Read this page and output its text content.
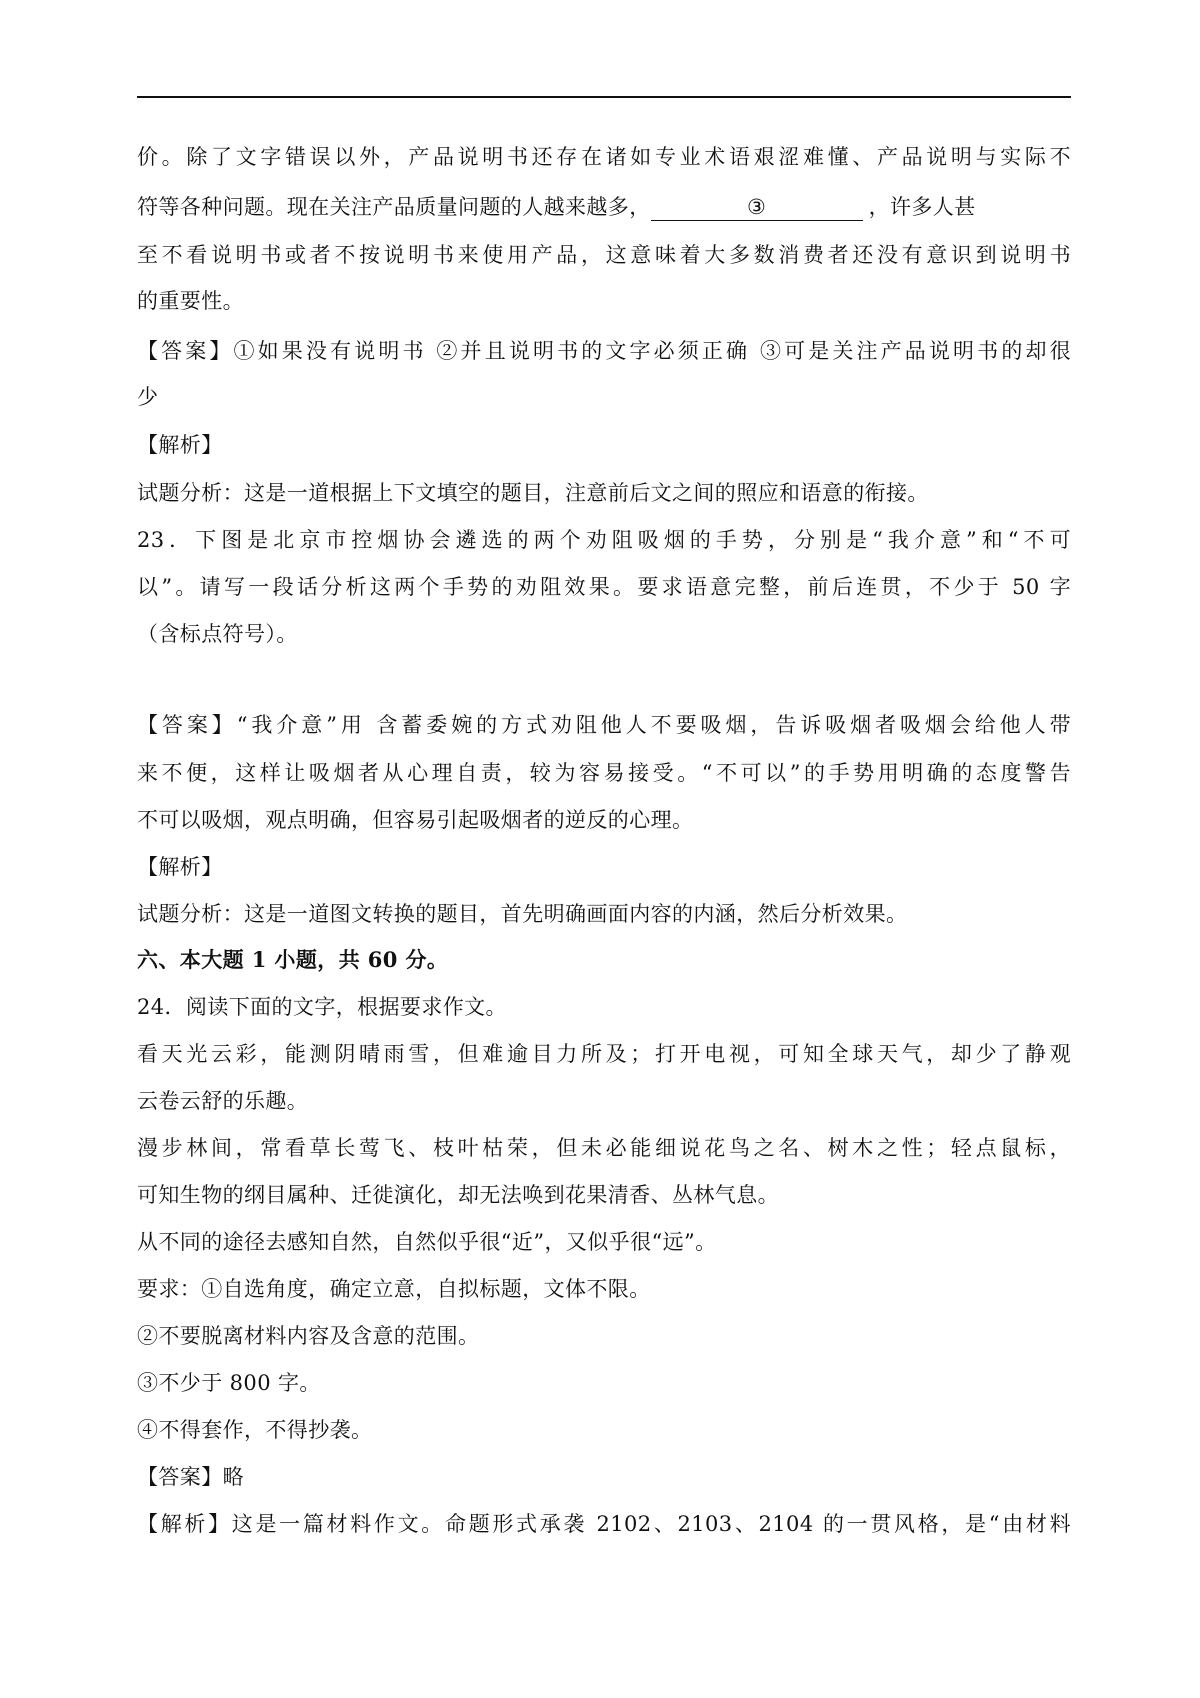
价。除了文字错误以外，产品说明书还存在诸如专业术语艰涩难懂、产品说明与实际不
符等各种问题。现在关注产品质量问题的人越来越多，	③	，许多人甚
至不看说明书或者不按说明书来使用产品，这意味着大多数消费者还没有意识到说明书
的重要性。
【答案】①如果没有说明书 ②并且说明书的文字必须正确 ③可是关注产品说明书的却很
少
【解析】
试题分析：这是一道根据上下文填空的题目，注意前后文之间的照应和语意的衔接。
23．下图是北京市控烟协会遴选的两个劝阻吸烟的手势，分别是“我介意”和“不可
以”。请写一段话分析这两个手势的劝阻效果。要求语意完整，前后连贯，不少于 50 字
（含标点符号）。
【答案】“我介意”用 含蓄委婉的方式劝阻他人不要吸烟，告诉吸烟者吸烟会给他人带
来不便，这样让吸烟者从心理自责，较为容易接受。“不可以”的手势用明确的态度警告
不可以吸烟，观点明确，但容易引起吸烟者的逆反的心理。
【解析】
试题分析：这是一道图文转换的题目，首先明确画面内容的内涵，然后分析效果。
六、本大题 1 小题，共 60 分。
24．阅读下面的文字，根据要求作文。
看天光云彩，能测阴晴雨雪，但难逾目力所及；打开电视，可知全球天气，却少了静观
云卷云舒的乐趣。
漫步林间，常看草长莺飞、枝叶枯荣，但未必能细说花鸟之名、树木之性；轻点鼠标，
可知生物的纲目属种、迁徙演化，却无法唤到花果清香、丛林气息。
从不同的途径去感知自然，自然似乎很“近”，又似乎很“远”。
要求：①自选角度，确定立意，自拟标题，文体不限。
②不要脱离材料内容及含意的范围。
③不少于 800 字。
④不得套作，不得抄袭。
【答案】略
【解析】这是一篇材料作文。命题形式承袭 2102、2103、2104 的一贯风格，是“由材料
